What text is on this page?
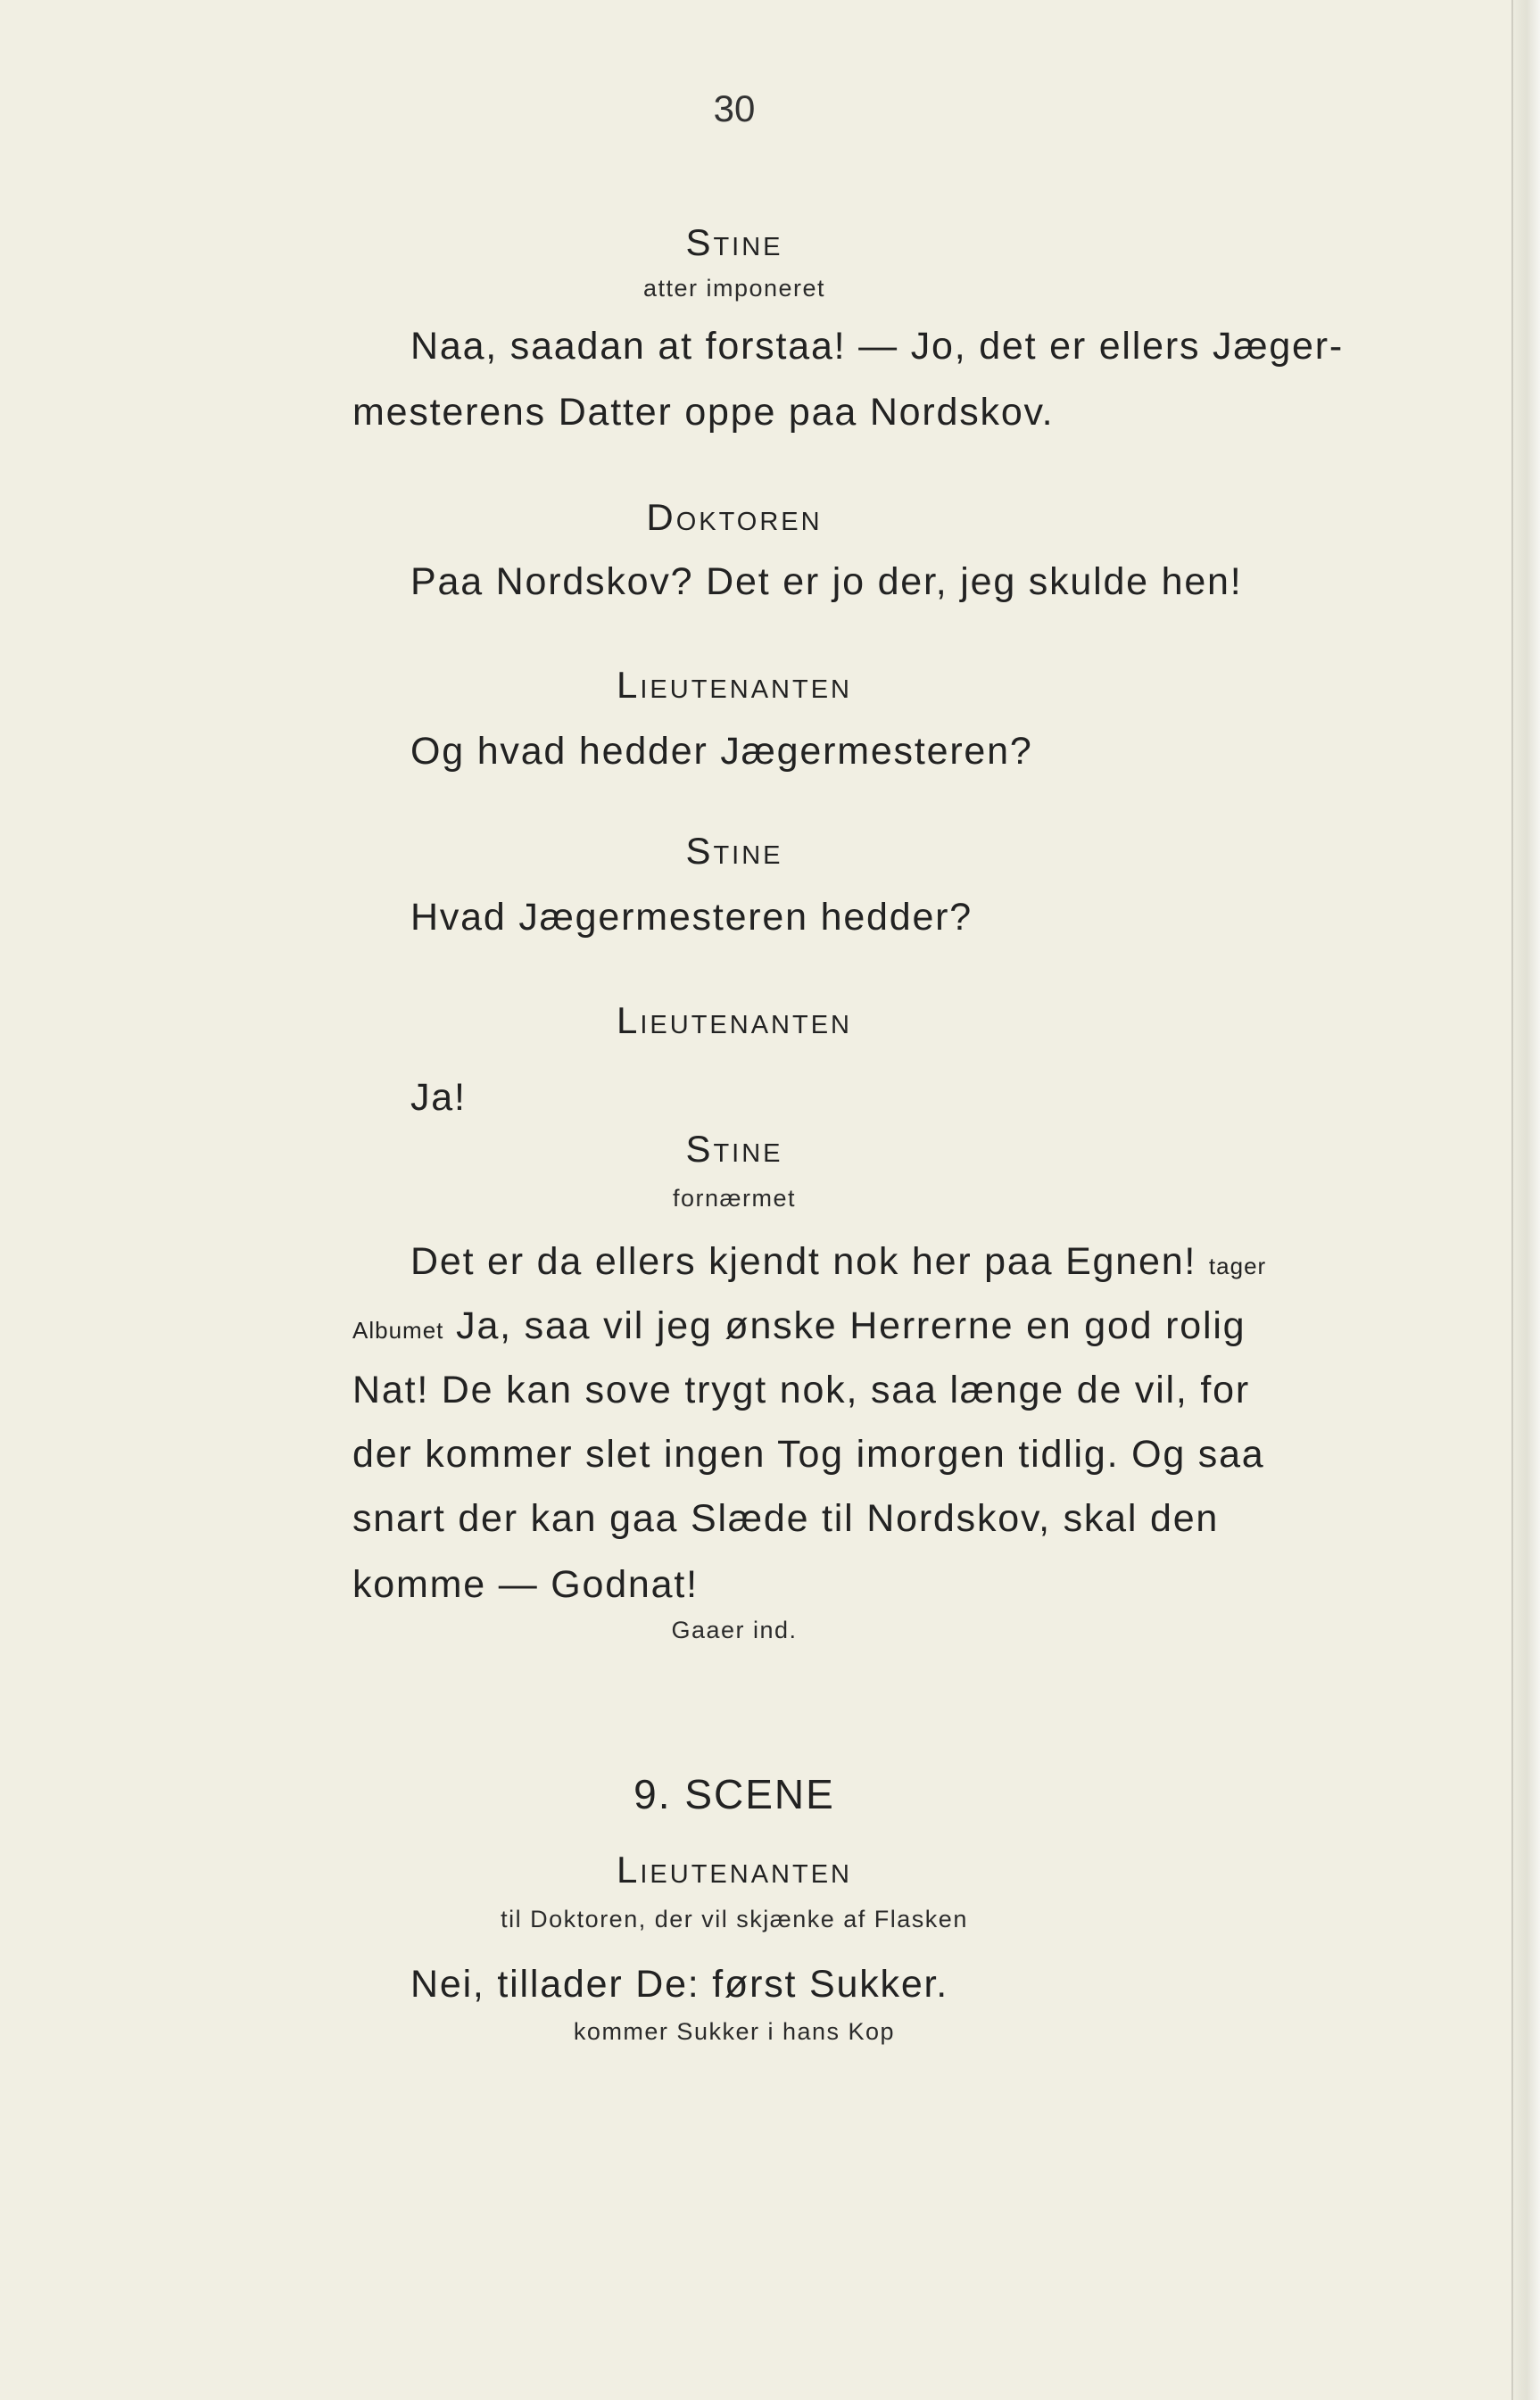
30
Stine
atter imponeret
Naa, saadan at forstaa! — Jo, det er ellers Jæger-
mesterens Datter oppe paa Nordskov.
Doktoren
Paa Nordskov? Det er jo der, jeg skulde hen!
Lieutenanten
Og hvad hedder Jægermesteren?
Stine
Hvad Jægermesteren hedder?
Lieutenanten
Ja!
Stine
fornærmet
Det er da ellers kjendt nok her paa Egnen! tager
Albumet Ja, saa vil jeg ønske Herrerne en god rolig
Nat! De kan sove trygt nok, saa længe de vil, for
der kommer slet ingen Tog imorgen tidlig. Og saa
snart der kan gaa Slæde til Nordskov, skal den
komme — Godnat!
Gaaer ind.
9. SCENE
Lieutenanten
til Doktoren, der vil skjænke af Flasken
Nei, tillader De: først Sukker.
kommer Sukker i hans Kop
